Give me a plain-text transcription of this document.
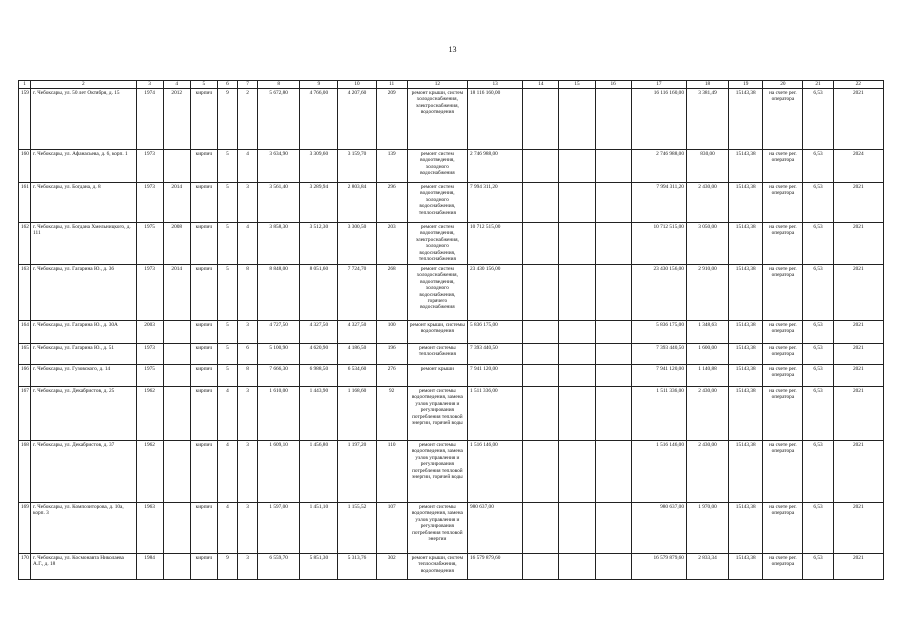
13
1	2	3	4	5	6	7	8	9	10	11	12	13	14	15	16	17	18	19	20	21	22
159	г. Чебоксары, ул. 50 лет Октября, д. 15	1974	2012	кирпич	9	2	5 672,80	4 766,00	4 207,60	209	ремонт крыши, систем холодоснабжения, электроснабжения, водоотведения	18 116 160,00				16 116 160,00	3 381,49	15143,38	на счете рег. оператора	6,53	2021
160	г. Чебоксары, ул. Афанасьева, д. 6, корп. 1	1973		кирпич	5	4	3 634,90	3 309,60	3 159,70	139	ремонт систем водоотведения, холодного водоснабжения	2 746 988,00				2 746 988,00	830,00	15143,38	на счете рег. оператора	6,53	2024
161	г. Чебоксары, ул. Богдана, д. 8	1973	2014	кирпич	5	3	3 561,40	3 289,94	2 803,84	296	ремонт систем водоотведения, холодного водоснабжения, теплоснабжения	7 994 311,20				7 994 311,20	2 430,00	15143,38	на счете рег. оператора	6,53	2021
162	г. Чебоксары, ул. Богдана Хмельницкого, д. 111	1975	2008	кирпич	5	4	3 858,30	3 512,30	3 300,50	203	ремонт систем водоотведения, электроснабжения, холодного водоснабжения, теплоснабжения	10 712 515,00				10 712 515,00	3 050,00	15143,38	на счете рег. оператора	6,53	2021
163	г. Чебоксары, ул. Гагарина Ю., д. 36	1973	2014	кирпич	5	8	8 848,00	8 051,60	7 724,70	268	ремонт систем холодоснабжения, водоотведения, холодного водоснабжения, горячего водоснабжения	23 430 156,00				23 430 156,00	2 910,00	15143,38	на счете рег. оператора	6,53	2021
164	г. Чебоксары, ул. Гагарина Ю., д. 30А	2003		кирпич	5	3	4 727,50	4 327,50	4 327,50	100	ремонт крыши, системы водоотведения	5 836 175,00				5 836 175,00	1 348,63	15143,38	на счете рег. оператора	6,53	2021
165	г. Чебоксары, ул. Гагарина Ю., д. 51	1973		кирпич	5	6	5 100,90	4 620,90	4 186,50	196	ремонт системы теплоснабжения	7 393 440,50				7 393 440,50	1 600,00	15143,38	на счете рег. оператора	6,53	2021
166	г. Чебоксары, ул. Гузовского, д. 14	1975		кирпич	5	8	7 666,30	6 988,50	6 534,60	276	ремонт крыши	7 941 120,00				7 941 120,00	1 140,88	15143,38	на счете рег. оператора	6,53	2021
167	г. Чебоксары, ул. Декабристов, д. 25	1962		кирпич	4	3	1 610,00	1 443,90	1 168,60	92	ремонт системы водоотведения, замена узлов управления и регулирования потребления тепловой энергии, горячей воды	1 511 336,00				1 511 336,00	2 430,00	15143,38	на счете рег. оператора	6,53	2021
168	г. Чебоксары, ул. Декабристов, д. 37	1962		кирпич	4	3	1 609,10	1 456,80	1 197,20	110	ремонт системы водоотведения, замена узлов управления и регулирования потребления тепловой энергии, горячей воды	1 516 146,00				1 516 146,00	2 430,00	15143,38	на счете рег. оператора	6,53	2021
169	г. Чебоксары, ул. Композиторова, д. 10а, корп. 3	1963		кирпич	4	3	1 597,00	1 451,10	1 155,52	107	ремонт системы водоотведения, замена узлов управления и регулирования потребления тепловой энергии	980 637,00				980 637,00	1 970,00	15143,38	на счете рег. оператора	6,53	2021
170	г. Чебоксары, ул. Космонавта Николаева А.Г., д. 18	1984		кирпич	9	3	6 559,70	5 851,30	5 313,76	302	ремонт крыши, систем теплоснабжения, водоотведения	16 579 879,60				16 579 879,60	2 833,34	15143,38	на счете рег. оператора	6,53	2021
